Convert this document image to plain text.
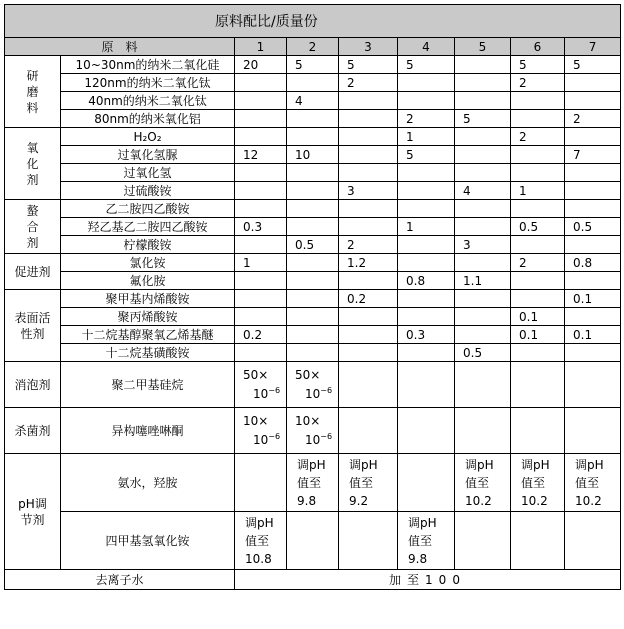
原料配比/质量份								
原　料		1	2	3	4	5	6	7

研
磨
料	10~30nm的纳米二氧化硅	20	5	5	5		5	5
	120nm的纳米二氧化钛			2			2	
	40nm的纳米二氧化钛		4					
	80nm的纳米氧化铝				2	5		2

氧
化
剂	H₂O₂				1		2	
	过氧化氢脲	12	10		5			7
	过氧化氢							
	过硫酸铵			3		4	1	

螯
合
剂	乙二胺四乙酸铵							
	羟乙基乙二胺四乙酸铵	0.3			1		0.5	0.5
	柠檬酸铵		0.5	2		3		

促进剂	氯化铵	1		1.2			2	0.8
	氟化胺				0.8	1.1		

表面活
性剂	聚甲基内烯酸铵			0.2				0.1
	聚丙烯酸铵						0.1	
	十二烷基醇聚氧乙烯基醚	0.2			0.3		0.1	0.1
	十二烷基磺酸铵					0.5		
消泡剂	聚二甲基硅烷	50×
$10^{-6}$	50×
$10^{-6}$

杀菌剂	异构噻唑啉酮	10×
$10^{-6}$	10×
$10^{-6}$

pH调
节剂	氨水，羟胺		调pH
值至
9.8	调pH
值至
9.2		调pH
值至
10.2	调pH
值至
10.2	调pH
值至
10.2

	四甲基氢氧化铵	调pH
值至
10.8			调pH
值至
9.8			

去离子水		加至100						
